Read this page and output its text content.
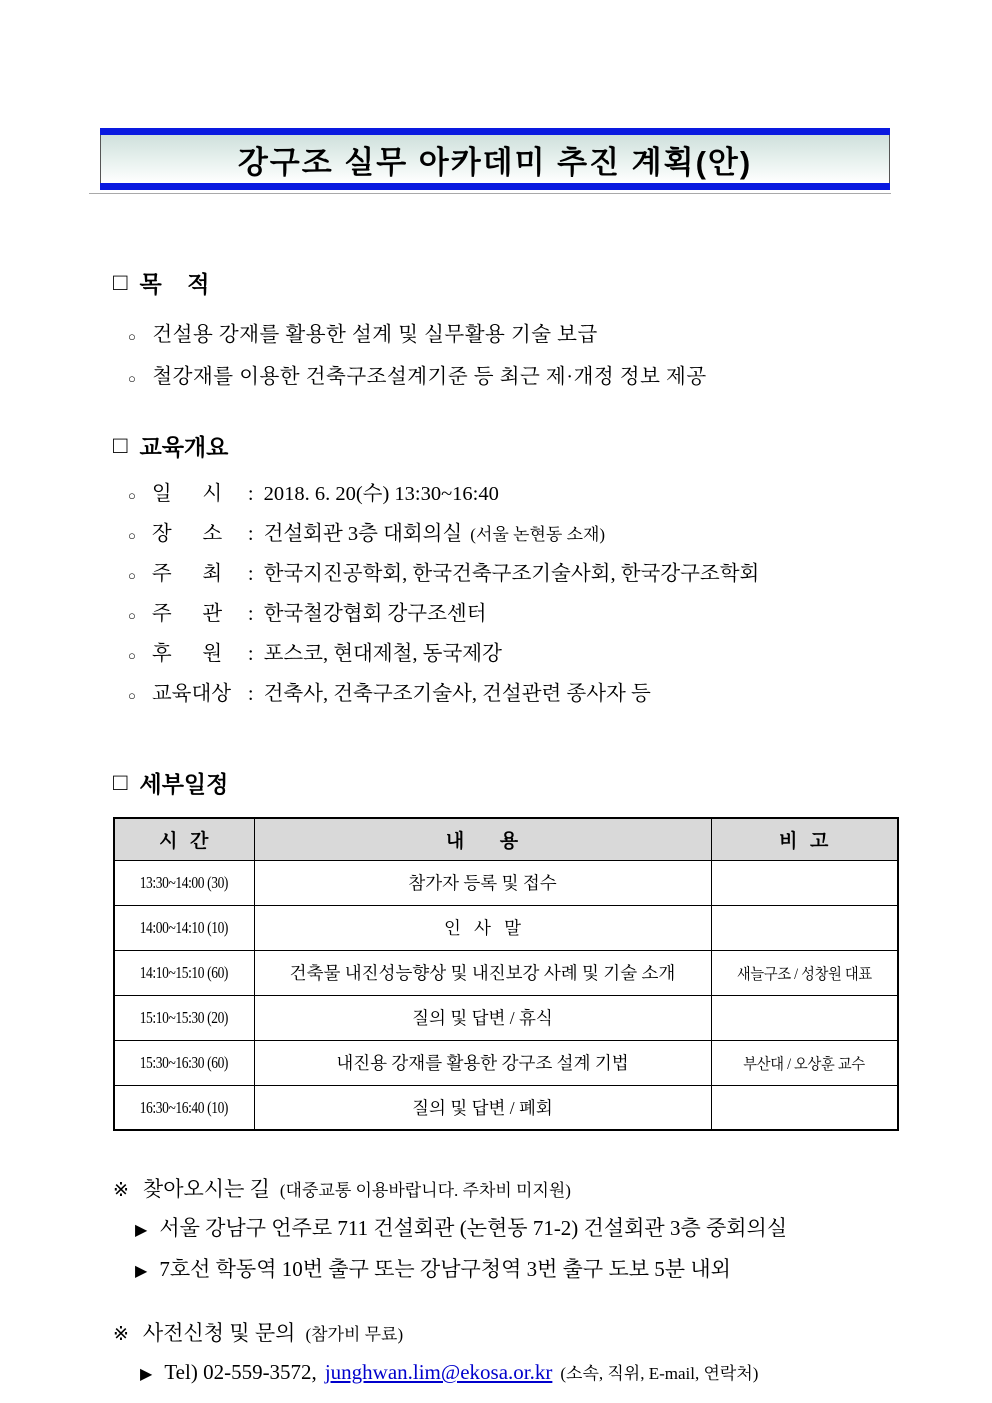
강구조 실무 아카데미 추진 계획(안)
□ 목    적
○ 건설용 강재를 활용한 설계 및 실무활용 기술 보급
○ 철강재를 이용한 건축구조설계기준 등 최근 제·개정 정보 제공
□ 교육개요
○ 일      시	: 2018. 6. 20(수) 13:30~16:40
○ 장      소	: 건설회관 3층 대회의실 (서울 논현동 소재)
○ 주      최	: 한국지진공학회, 한국건축구조기술사회, 한국강구조학회
○ 주      관	: 한국철강협회 강구조센터
○ 후      원	: 포스코, 현대제철, 동국제강
○ 교육대상 : 건축사, 건축구조기술사, 건설관련 종사자 등
□ 세부일정
시  간	내      용	비  고
13:30~14:00 (30)	참가자 등록 및 접수	
14:00~14:10 (10)	인   사   말	
14:10~15:10 (60)	건축물 내진성능향상 및 내진보강 사례 및 기술 소개	새늘구조 / 성창원 대표
15:10~15:30 (20)	질의 및 답변 / 휴식	
15:30~16:30 (60)	내진용 강재를 활용한 강구조 설계 기법	부산대 / 오상훈 교수
16:30~16:40 (10)	질의 및 답변 / 폐회	
※ 찾아오시는 길 (대중교통 이용바랍니다. 주차비 미지원)
▶ 서울 강남구 언주로 711 건설회관 (논현동 71-2) 건설회관 3층 중회의실
▶ 7호선 학동역 10번 출구 또는 강남구청역 3번 출구 도보 5분 내외
※ 사전신청 및 문의 (참가비 무료)
▶ Tel) 02-559-3572, junghwan.lim@ekosa.or.kr (소속, 직위, E-mail, 연락처)
